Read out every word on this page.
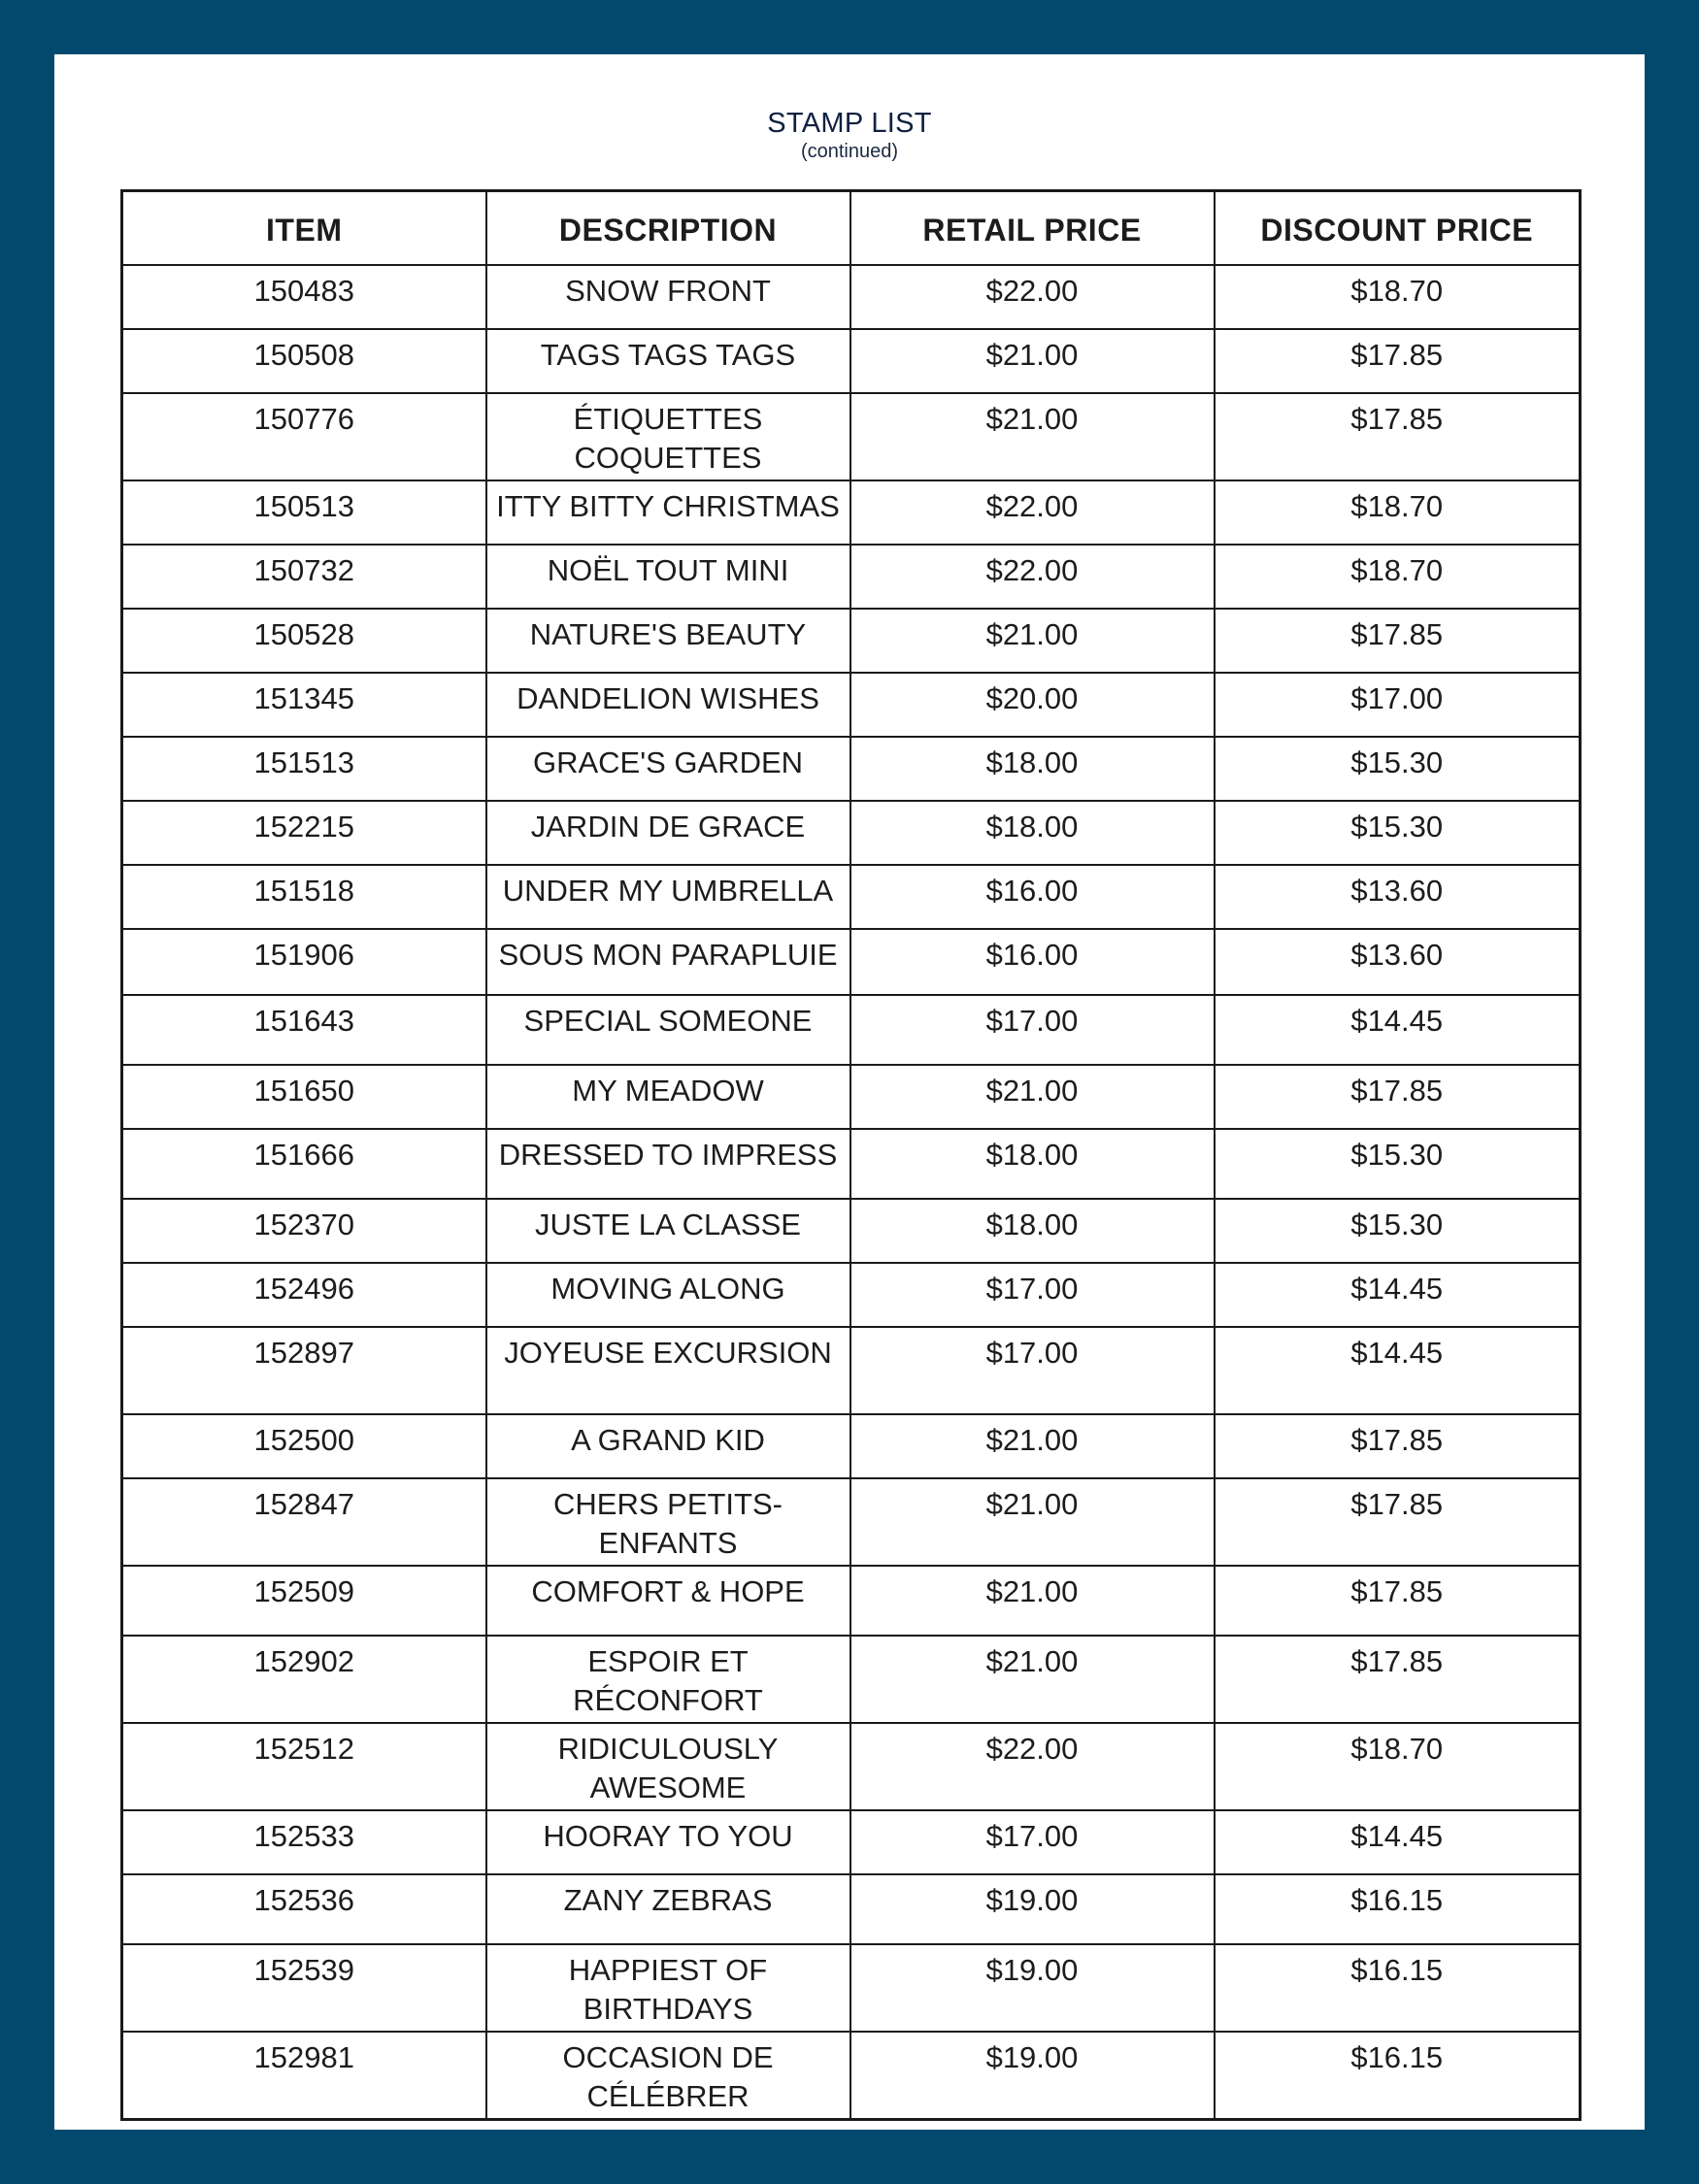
STAMP LIST
(continued)
ITEM	DESCRIPTION	RETAIL PRICE	DISCOUNT PRICE
150483	SNOW FRONT	$22.00	$18.70
150508	TAGS TAGS TAGS	$21.00	$17.85
150776	ÉTIQUETTES COQUETTES	$21.00	$17.85
150513	ITTY BITTY CHRISTMAS	$22.00	$18.70
150732	NOËL TOUT MINI	$22.00	$18.70
150528	NATURE'S BEAUTY	$21.00	$17.85
151345	DANDELION WISHES	$20.00	$17.00
151513	GRACE'S GARDEN	$18.00	$15.30
152215	JARDIN DE GRACE	$18.00	$15.30
151518	UNDER MY UMBRELLA	$16.00	$13.60
151906	SOUS MON PARAPLUIE	$16.00	$13.60
151643	SPECIAL SOMEONE	$17.00	$14.45
151650	MY MEADOW	$21.00	$17.85
151666	DRESSED TO IMPRESS	$18.00	$15.30
152370	JUSTE LA CLASSE	$18.00	$15.30
152496	MOVING ALONG	$17.00	$14.45
152897	JOYEUSE EXCURSION	$17.00	$14.45
152500	A GRAND KID	$21.00	$17.85
152847	CHERS PETITS-ENFANTS	$21.00	$17.85
152509	COMFORT & HOPE	$21.00	$17.85
152902	ESPOIR ET RÉCONFORT	$21.00	$17.85
152512	RIDICULOUSLY AWESOME	$22.00	$18.70
152533	HOORAY TO YOU	$17.00	$14.45
152536	ZANY ZEBRAS	$19.00	$16.15
152539	HAPPIEST OF BIRTHDAYS	$19.00	$16.15
152981	OCCASION DE CÉLÉBRER	$19.00	$16.15
